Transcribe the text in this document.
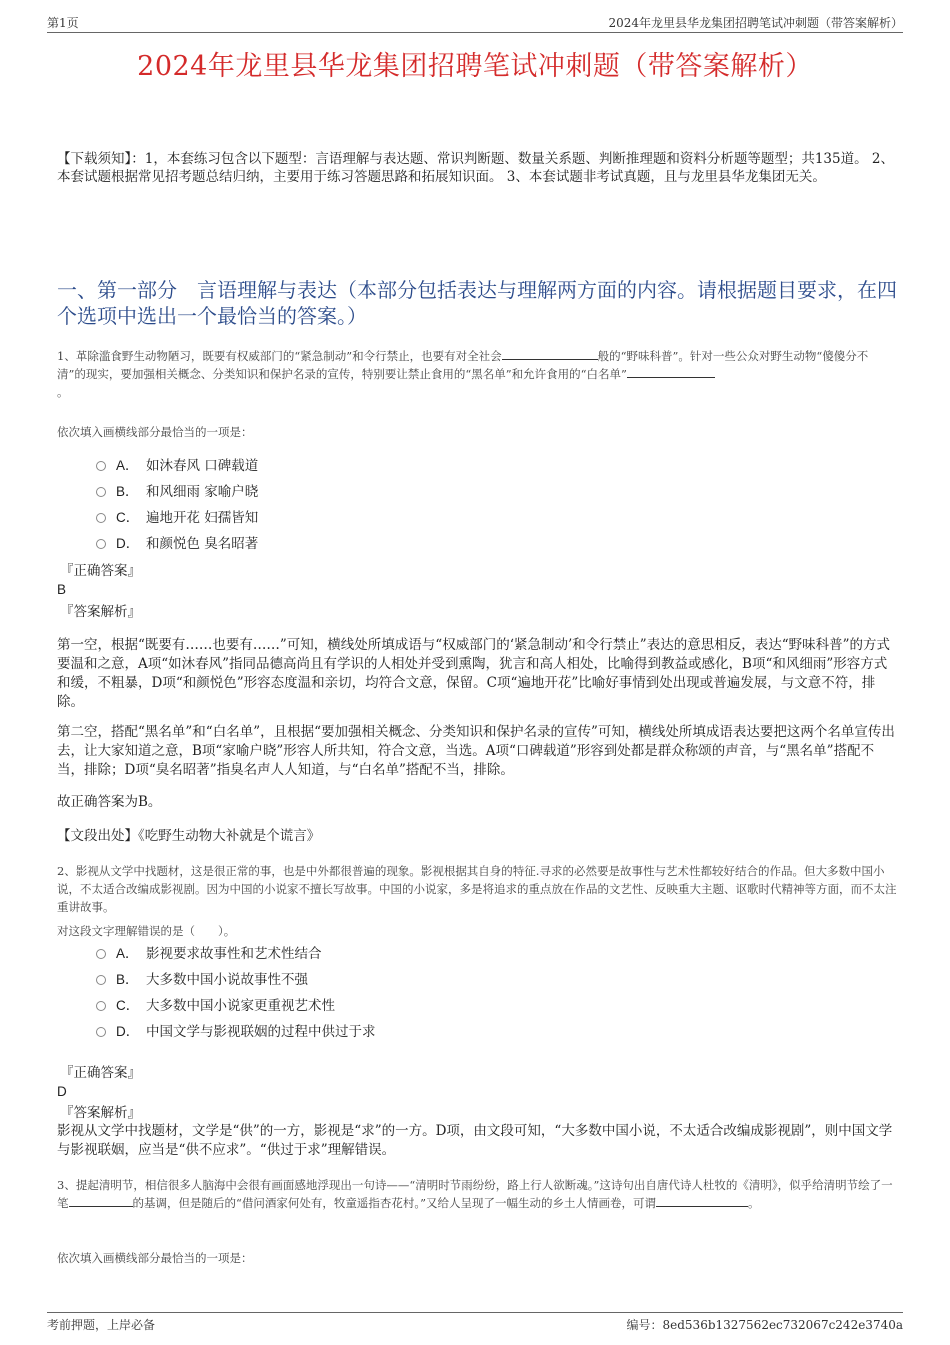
第1页	2024年龙里县华龙集团招聘笔试冲刺题（带答案解析）
2024年龙里县华龙集团招聘笔试冲刺题（带答案解析）
【下载须知】：1，本套练习包含以下题型：言语理解与表达题、常识判断题、数量关系题、判断推理题和资料分析题等题型；共135道。 2、本套试题根据常见招考题总结归纳，主要用于练习答题思路和拓展知识面。 3、本套试题非考试真题，且与龙里县华龙集团无关。
一、第一部分　言语理解与表达（本部分包括表达与理解两方面的内容。请根据题目要求，在四个选项中选出一个最恰当的答案。）
1、革除滥食野生动物陋习，既要有权威部门的“紧急制动”和令行禁止，也要有对全社会	般的“野味科普”。针对一些公众对野生动物“傻傻分不清”的现实，要加强相关概念、分类知识和保护名录的宣传，特别要让禁止食用的“黑名单”和允许食用的“白名单”
。
依次填入画横线部分最恰当的一项是：
A． 如沐春风 口碑载道
B． 和风细雨 家喻户晓
C． 遍地开花 妇孺皆知
D． 和颜悦色 臭名昭著
『正确答案』
B
『答案解析』
第一空，根据“既要有……也要有……”可知，横线处所填成语与“权威部门的‘紧急制动’和令行禁止”表达的意思相反，表达“野味科普”的方式要温和之意，A项“如沐春风”指同品德高尚且有学识的人相处并受到熏陶，犹言和高人相处，比喻得到教益或感化，B项“和风细雨”形容方式和缓，不粗暴，D项“和颜悦色”形容态度温和亲切，均符合文意，保留。C项“遍地开花”比喻好事情到处出现或普遍发展，与文意不符，排除。
第二空，搭配“黑名单”和“白名单”，且根据“要加强相关概念、分类知识和保护名录的宣传”可知，横线处所填成语表达要把这两个名单宣传出去，让大家知道之意，B项“家喻户晓”形容人所共知，符合文意，当选。A项“口碑载道”形容到处都是群众称颂的声音，与“黑名单”搭配不当，排除；D项“臭名昭著”指臭名声人人知道，与“白名单”搭配不当，排除。
故正确答案为B。
【文段出处】《吃野生动物大补就是个谎言》
2、影视从文学中找题材，这是很正常的事，也是中外都很普遍的现象。影视根据其自身的特征.寻求的必然要是故事性与艺术性都较好结合的作品。但大多数中国小说，不太适合改编成影视剧。因为中国的小说家不擅长写故事。中国的小说家，多是将追求的重点放在作品的文艺性、反映重大主题、讴歌时代精神等方面，而不太注重讲故事。
对这段文字理解错误的是（　　）。
A． 影视要求故事性和艺术性结合
B． 大多数中国小说故事性不强
C． 大多数中国小说家更重视艺术性
D． 中国文学与影视联姻的过程中供过于求
『正确答案』
D
『答案解析』
影视从文学中找题材，文学是“供”的一方，影视是“求”的一方。D项，由文段可知，“大多数中国小说，不太适合改编成影视剧”，则中国文学与影视联姻，应当是“供不应求”。“供过于求”理解错误。
3、提起清明节，相信很多人脑海中会很有画面感地浮现出一句诗——“清明时节雨纷纷，路上行人欲断魂。”这诗句出自唐代诗人杜牧的《清明》，似乎给清明节绘了一笔	的基调，但是随后的“借问酒家何处有，牧童遥指杏花村。”又给人呈现了一幅生动的乡土人情画卷，可谓	。
依次填入画横线部分最恰当的一项是：
考前押题，上岸必备	编号：8ed536b1327562ec732067c242e3740a
